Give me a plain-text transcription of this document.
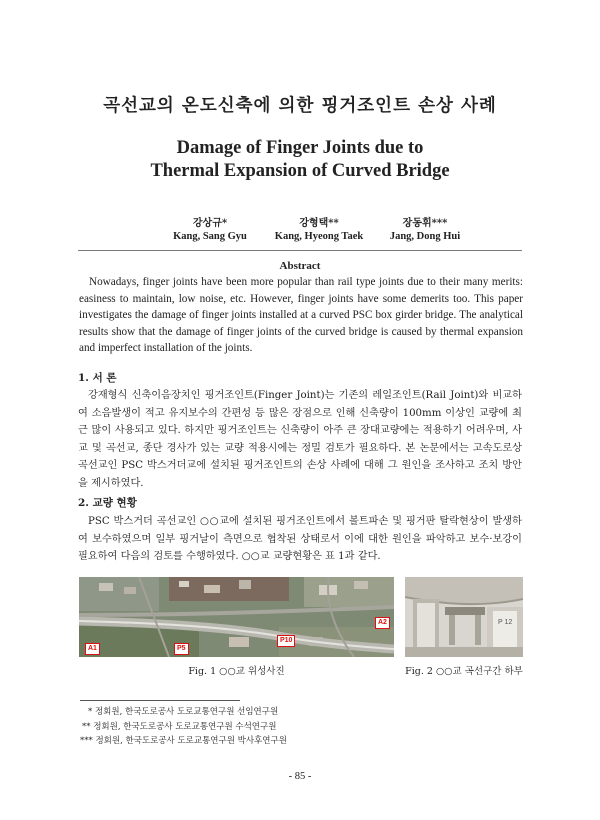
곡선교의 온도신축에 의한 핑거조인트 손상 사례
Damage of Finger Joints due to
Thermal Expansion of Curved Bridge
강상규*
Kang, Sang Gyu
강형택**
Kang, Hyeong Taek
장동휘***
Jang, Dong Hui
Abstract
Nowadays, finger joints have been more popular than rail type joints due to their many merits: easiness to maintain, low noise, etc. However, finger joints have some demerits too. This paper investigates the damage of finger joints installed at a curved PSC box girder bridge. The analytical results show that the damage of finger joints of the curved bridge is caused by thermal expansion and imperfect installation of the joints.
1. 서 론
강재형식 신축이음장치인 핑거조인트(Finger Joint)는 기존의 레일조인트(Rail Joint)와 비교하여 소음발생이 적고 유지보수의 간편성 등 많은 장점으로 인해 신축량이 100mm 이상인 교량에 최근 많이 사용되고 있다. 하지만 핑거조인트는 신축량이 아주 큰 장대교량에는 적용하기 어려우며, 사교 및 곡선교, 종단 경사가 있는 교량 적용시에는 정밀 검토가 필요하다. 본 논문에서는 고속도로상 곡선교인 PSC 박스거더교에 설치된 핑거조인트의 손상 사례에 대해 그 원인을 조사하고 조치 방안을 제시하였다.
2. 교량 현황
PSC 박스거더 곡선교인 ○○교에 설치된 핑거조인트에서 볼트파손 및 핑거판 탈락현상이 발생하여 보수하였으며 일부 핑거날이 측면으로 협착된 상태로서 이에 대한 원인을 파악하고 보수·보강이 필요하여 다음의 검토를 수행하였다. ○○교 교량현황은 표 1과 같다.
A1	P5
P10
A2
Fig. 1 ○○교 위성사진
P 12
Fig. 2 ○○교 곡선구간 하부
* 정회원, 한국도로공사 도로교통연구원 선임연구원
** 정회원, 한국도로공사 도로교통연구원 수석연구원
*** 정회원, 한국도로공사 도로교통연구원 박사후연구원
- 85 -
